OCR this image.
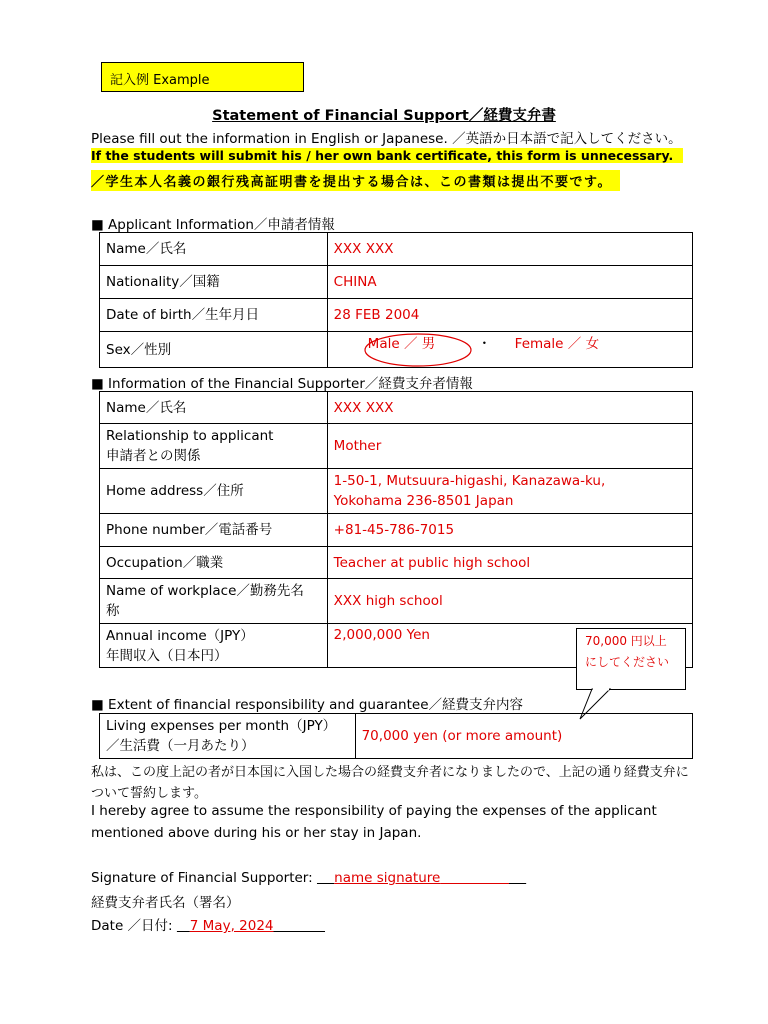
記入例 Example
Statement of Financial Support／経費支弁書
Please fill out the information in English or Japanese. ／英語か日本語で記入してください。
If the students will submit his / her own bank certificate, this form is unnecessary.
／学生本人名義の銀行残高証明書を提出する場合は、この書類は提出不要です。
■ Applicant Information／申請者情報
Name／氏名	XXX XXX
Nationality／国籍	CHINA
Date of birth／生年月日	28 FEB 2004
Sex／性別	Male ／ 男 ・ Female ／ 女
■ Information of the Financial Supporter／経費支弁者情報
Name／氏名	XXX XXX

Relationship to applicant
申請者との関係	Mother
Home address／住所	1-50-1, Mutsuura-higashi, Kanazawa-ku,
Yokohama 236-8501 Japan

Phone number／電話番号	+81-45-786-7015
Occupation／職業	Teacher at public high school

Name of workplace／勤務先名
称	XXX high school

Annual income（JPY）
年間収入（日本円）	2,000,000 Yen	70,000 円以上
にしてください
■ Extent of financial responsibility and guarantee／経費支弁内容
Living expenses per month（JPY）
／生活費（一月あたり）
	70,000 yen (or more amount)
私は、この度上記の者が日本国に入国した場合の経費支弁者になりましたので、上記の通り経費支弁に
ついて誓約します。
I hereby agree to assume the responsibility of paying the expenses of the applicant
mentioned above during his or her stay in Japan.
Signature of Financial Supporter:     name signature
経費支弁者氏名（署名）
Date ／日付:    7 May, 2024
